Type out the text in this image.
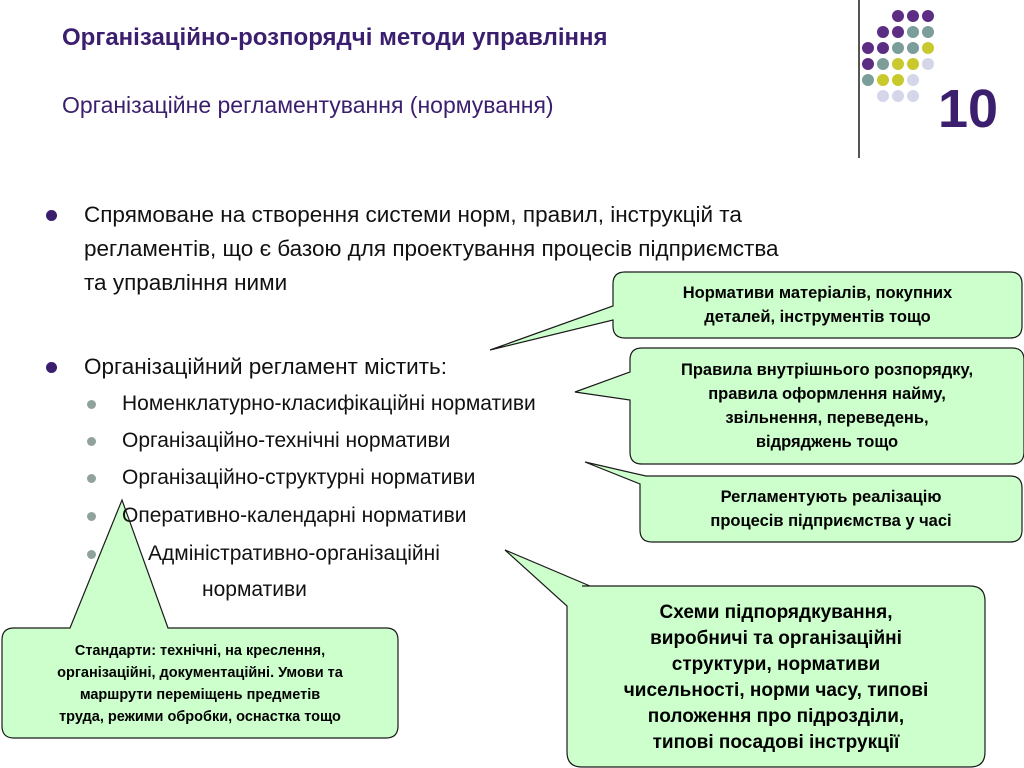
Організаційно-розпорядчі методи управління
Організаційне регламентування (нормування)	10
Спрямоване на створення системи норм, правил, інструкцій та
регламентів, що є базою для проектування процесів підприємства
та управління ними
Організаційний регламент містить:
Номенклатурно-класифікаційні нормативи
Організаційно-технічні нормативи
Організаційно-структурні нормативи
Оперативно-календарні нормативи
Адміністративно-організаційні
нормативи
Нормативи матеріалів, покупних
деталей, інструментів тощо
Правила внутрішнього розпорядку,
правила оформлення найму,
звільнення, переведень,
відряджень тощо
Регламентують реалізацію
процесів підприємства у часі
Схеми підпорядкування,
виробничі та організаційні
структури, нормативи
чисельності, норми часу, типові
положення про підрозділи,
типові посадові інструкції
Стандарти: технічні, на креслення,
організаційні, документаційні. Умови та
маршрути переміщень предметів
труда, режими обробки, оснастка тощо
